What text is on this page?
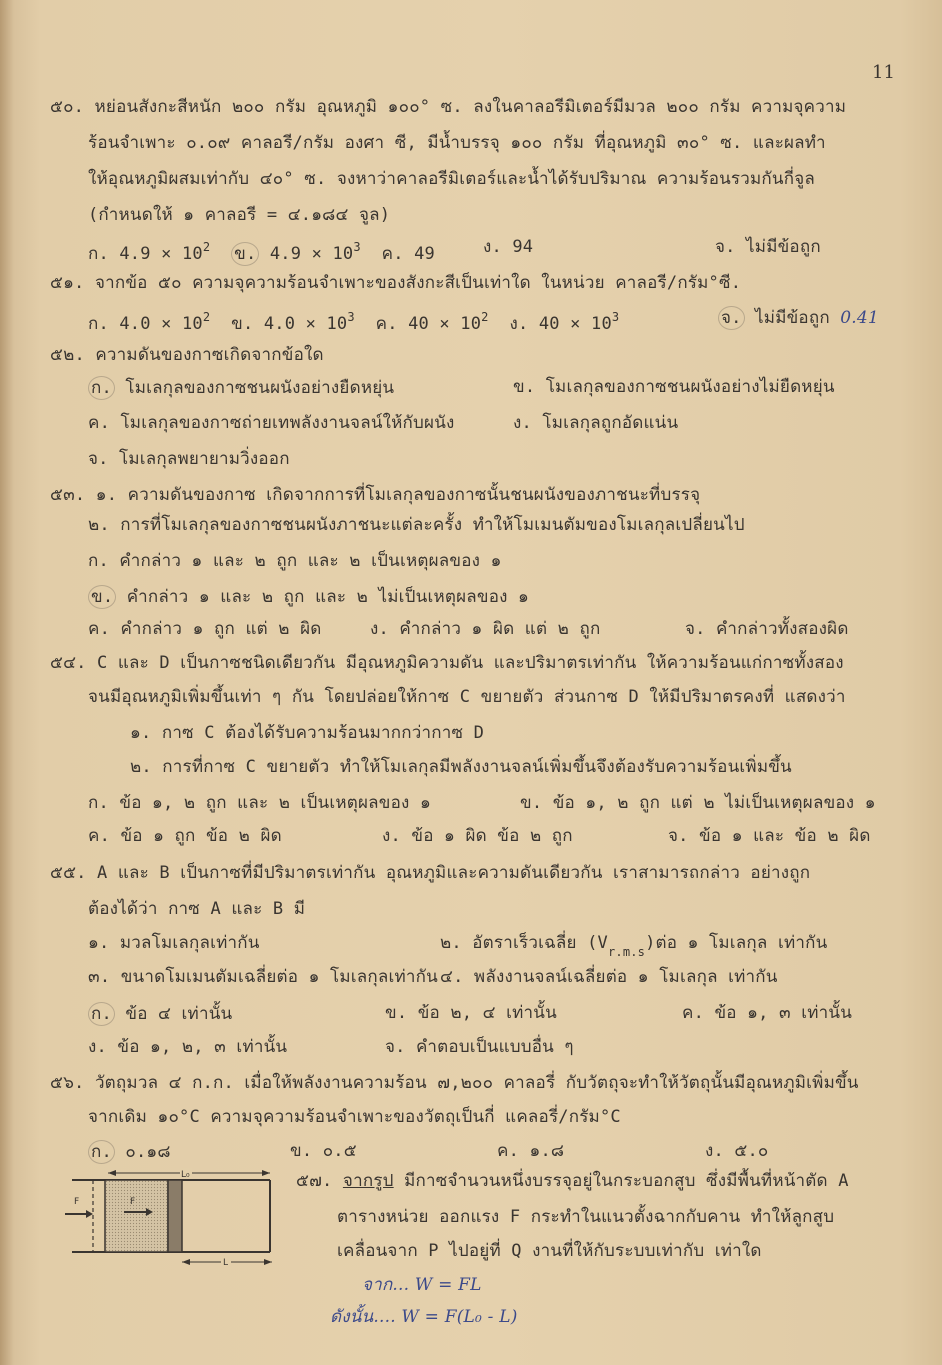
11
๕๐. หย่อนสังกะสีหนัก ๒๐๐ กรัม อุณหภูมิ ๑๐๐° ซ. ลงในคาลอรีมิเตอร์มีมวล ๒๐๐ กรัม ความจุความ
ร้อนจำเพาะ ๐.๐๙ คาลอรี/กรัม องศา ซี, มีน้ำบรรจุ ๑๐๐ กรัม ที่อุณหภูมิ ๓๐° ซ. และผลทำ
ให้อุณหภูมิผสมเท่ากับ ๔๐° ซ. จงหาว่าคาลอรีมิเตอร์และน้ำได้รับปริมาณ ความร้อนรวมกันกี่จูล
(กำหนดให้ ๑ คาลอรี = ๔.๑๘๔ จูล)
ก. $4.9 \times 10^2$ ข. $4.9 \times 10^3$ ค. 49	ง. 94	จ. ไม่มีข้อถูก
๕๑. จากข้อ ๕๐ ความจุความร้อนจำเพาะของสังกะสีเป็นเท่าใด ในหน่วย คาลอรี/กรัม°ซี.
ก. $4.0 \times 10^2$ ข. $4.0 \times 10^3$ ค. $40 \times 10^2$ ง. $40 \times 10^3$	จ. ไม่มีข้อถูก 0.41
๕๒. ความดันของกาซเกิดจากข้อใด
ก. โมเลกุลของกาซชนผนังอย่างยืดหยุ่น	ข. โมเลกุลของกาซชนผนังอย่างไม่ยืดหยุ่น
ค. โมเลกุลของกาซถ่ายเทพลังงานจลน์ให้กับผนัง	ง. โมเลกุลถูกอัดแน่น
จ. โมเลกุลพยายามวิ่งออก
๕๓. ๑. ความดันของกาซ เกิดจากการที่โมเลกุลของกาซนั้นชนผนังของภาชนะที่บรรจุ
๒. การที่โมเลกุลของกาซชนผนังภาชนะแต่ละครั้ง ทำให้โมเมนตัมของโมเลกุลเปลี่ยนไป
ก. คำกล่าว ๑ และ ๒ ถูก และ ๒ เป็นเหตุผลของ ๑
ข. คำกล่าว ๑ และ ๒ ถูก และ ๒ ไม่เป็นเหตุผลของ ๑
ค. คำกล่าว ๑ ถูก แต่ ๒ ผิด	ง. คำกล่าว ๑ ผิด แต่ ๒ ถูก	จ. คำกล่าวทั้งสองผิด
๕๔. C และ D เป็นกาซชนิดเดียวกัน มีอุณหภูมิความดัน และปริมาตรเท่ากัน ให้ความร้อนแก่กาซทั้งสอง
จนมีอุณหภูมิเพิ่มขึ้นเท่า ๆ กัน โดยปล่อยให้กาซ C ขยายตัว ส่วนกาซ D ให้มีปริมาตรคงที่ แสดงว่า
๑. กาซ C ต้องได้รับความร้อนมากกว่ากาซ D
๒. การที่กาซ C ขยายตัว ทำให้โมเลกุลมีพลังงานจลน์เพิ่มขึ้นจึงต้องรับความร้อนเพิ่มขึ้น
ก. ข้อ ๑, ๒ ถูก และ ๒ เป็นเหตุผลของ ๑	ข. ข้อ ๑, ๒ ถูก แต่ ๒ ไม่เป็นเหตุผลของ ๑
ค. ข้อ ๑ ถูก ข้อ ๒ ผิด	ง. ข้อ ๑ ผิด ข้อ ๒ ถูก	จ. ข้อ ๑ และ ข้อ ๒ ผิด
๕๕. A และ B เป็นกาซที่มีปริมาตรเท่ากัน อุณหภูมิและความดันเดียวกัน เราสามารถกล่าว อย่างถูก
ต้องได้ว่า กาซ A และ B มี
๑. มวลโมเลกุลเท่ากัน	๒. อัตราเร็วเฉลี่ย $(V_{r.m.s})$ต่อ ๑ โมเลกุล เท่ากัน
๓. ขนาดโมเมนตัมเฉลี่ยต่อ ๑ โมเลกุลเท่ากัน ๔. พลังงานจลน์เฉลี่ยต่อ ๑ โมเลกุล เท่ากัน
ก. ข้อ ๔ เท่านั้น	ข. ข้อ ๒, ๔ เท่านั้น	ค. ข้อ ๑, ๓ เท่านั้น
ง. ข้อ ๑, ๒, ๓ เท่านั้น	จ. คำตอบเป็นแบบอื่น ๆ
๕๖. วัตถุมวล ๔ ก.ก. เมื่อให้พลังงานความร้อน ๗,๒๐๐ คาลอรี่ กับวัตถุจะทำให้วัตถุนั้นมีอุณหภูมิเพิ่มขึ้น
จากเดิม ๑๐°C ความจุความร้อนจำเพาะของวัตถุเป็นกี่ แคลอรี่/กรัม°C
ก. ๐.๑๘	ข. ๐.๕	ค. ๑.๘	ง. ๕.๐
F	F
L₀
L
๕๗. จากรูป มีกาซจำนวนหนึ่งบรรจุอยู่ในกระบอกสูบ ซึ่งมีพื้นที่หน้าตัด A
ตารางหน่วย ออกแรง F กระทำในแนวตั้งฉากกับคาน ทำให้ลูกสูบ
เคลื่อนจาก P ไปอยู่ที่ Q งานที่ให้กับระบบเท่ากับ เท่าใด
จาก... W = FL
ดังนั้น.... W = F(L₀ - L)
